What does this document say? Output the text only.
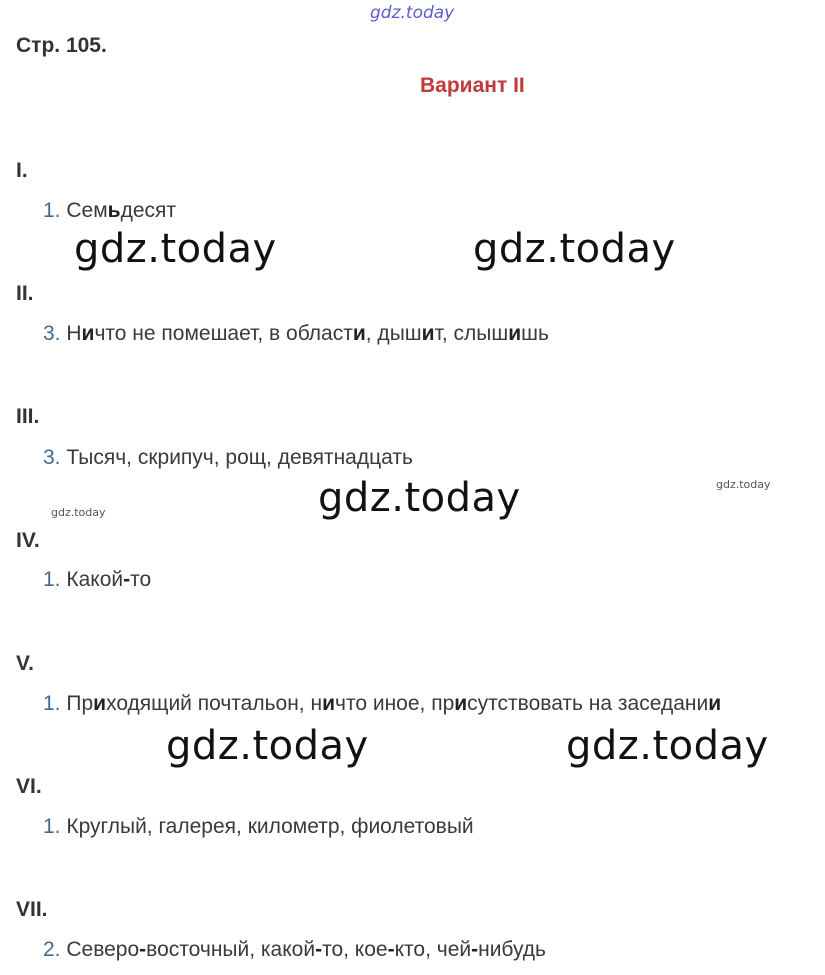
gdz.today
Стр. 105.
Вариант II
I.
1. Семьдесят
gdz.today	gdz.today
II.
3. Ничто не помешает, в области, дышит, слышишь
III.
3. Тысяч, скрипуч, рощ, девятнадцать
gdz.today
gdz.today
gdz.today
IV.
1. Какой-то
V.
1. Приходящий почтальон, ничто иное, присутствовать на заседании
gdz.today	gdz.today
VI.
1. Круглый, галерея, километр, фиолетовый
VII.
2. Северо-восточный, какой-то, кое-кто, чей-нибудь
